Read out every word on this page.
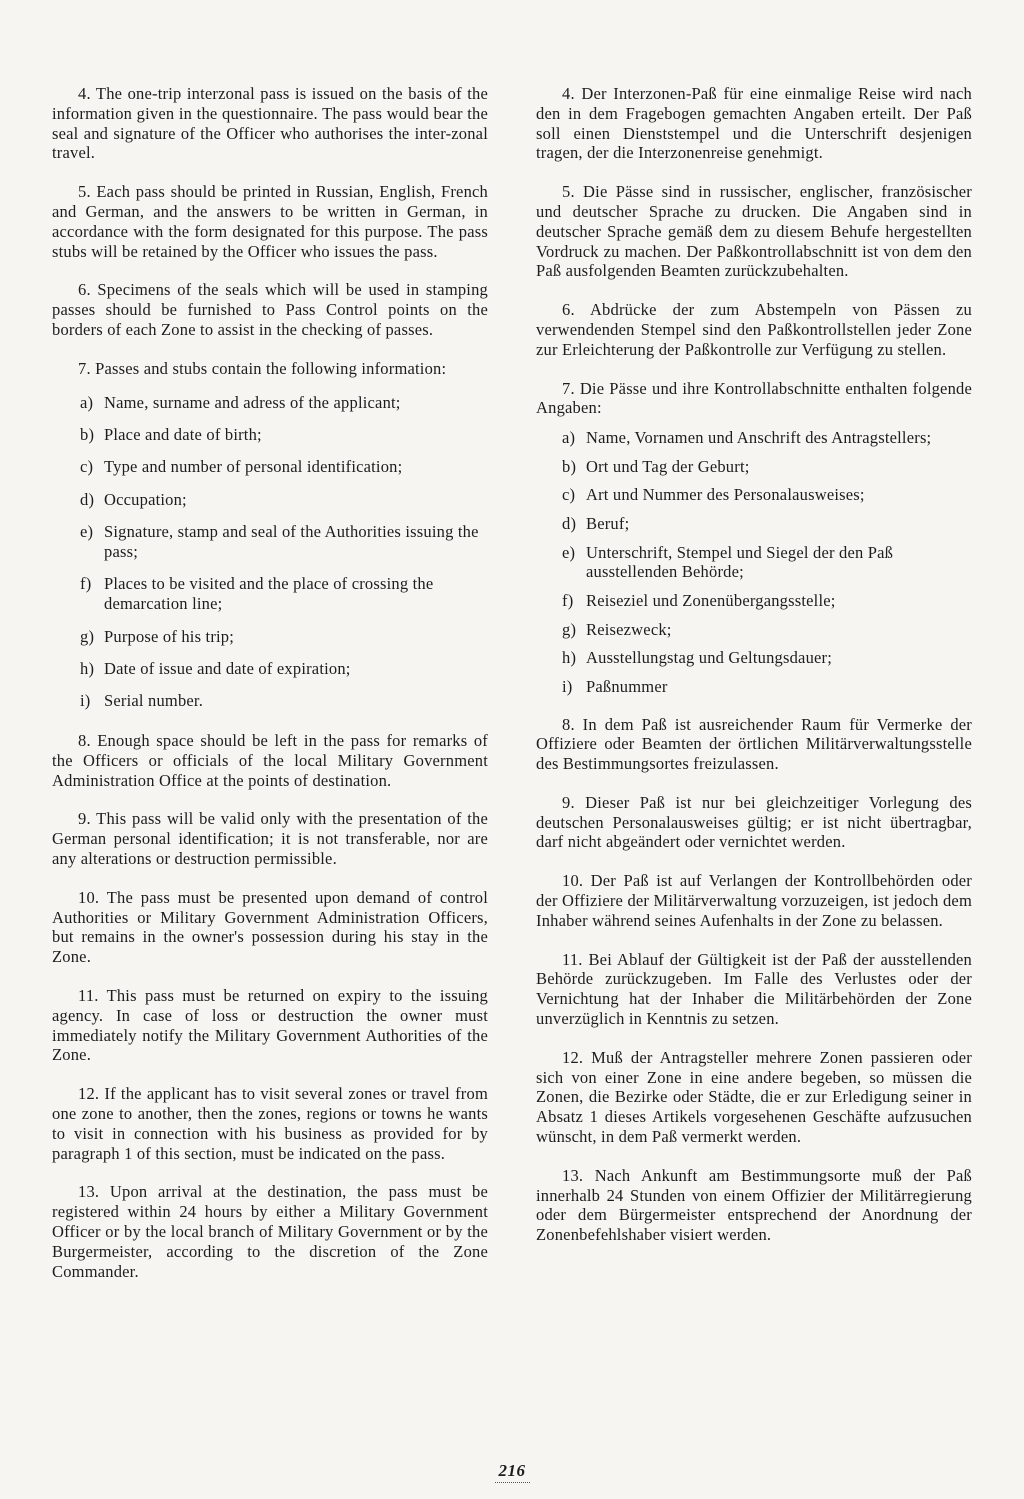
4. The one-trip interzonal pass is issued on the basis of the information given in the questionnaire. The pass would bear the seal and signature of the Officer who authorises the inter-zonal travel.

5. Each pass should be printed in Russian, English, French and German, and the answers to be written in German, in accordance with the form designated for this purpose. The pass stubs will be retained by the Officer who issues the pass.

6. Specimens of the seals which will be used in stamping passes should be furnished to Pass Control points on the borders of each Zone to assist in the checking of passes.

7. Passes and stubs contain the following information:

a) Name, surname and adress of the applicant;
b) Place and date of birth;
c) Type and number of personal identification;
d) Occupation;
e) Signature, stamp and seal of the Authorities issuing the pass;
f) Places to be visited and the place of crossing the demarcation line;
g) Purpose of his trip;
h) Date of issue and date of expiration;
i) Serial number.

8. Enough space should be left in the pass for remarks of the Officers or officials of the local Military Government Administration Office at the points of destination.

9. This pass will be valid only with the presentation of the German personal identification; it is not transferable, nor are any alterations or destruction permissible.

10. The pass must be presented upon demand of control Authorities or Military Government Administration Officers, but remains in the owner's possession during his stay in the Zone.

11. This pass must be returned on expiry to the issuing agency. In case of loss or destruction the owner must immediately notify the Military Government Authorities of the Zone.

12. If the applicant has to visit several zones or travel from one zone to another, then the zones, regions or towns he wants to visit in connection with his business as provided for by paragraph 1 of this section, must be indicated on the pass.

13. Upon arrival at the destination, the pass must be registered within 24 hours by either a Military Government Officer or by the local branch of Military Government or by the Burgermeister, according to the discretion of the Zone Commander.

4. Der Interzonen-Paß für eine einmalige Reise wird nach den in dem Fragebogen gemachten Angaben erteilt. Der Paß soll einen Dienststempel und die Unterschrift desjenigen tragen, der die Interzonenreise genehmigt.

5. Die Pässe sind in russischer, englischer, französischer und deutscher Sprache zu drucken. Die Angaben sind in deutscher Sprache gemäß dem zu diesem Behufe hergestellten Vordruck zu machen. Der Paßkontrollabschnitt ist von dem den Paß ausfolgenden Beamten zurückzubehalten.

6. Abdrücke der zum Abstempeln von Pässen zu verwendenden Stempel sind den Paßkontrollstellen jeder Zone zur Erleichterung der Paßkontrolle zur Verfügung zu stellen.

7. Die Pässe und ihre Kontrollabschnitte enthalten folgende Angaben:

a) Name, Vornamen und Anschrift des Antragstellers;
b) Ort und Tag der Geburt;
c) Art und Nummer des Personalausweises;
d) Beruf;
e) Unterschrift, Stempel und Siegel der den Paß ausstellenden Behörde;
f) Reiseziel und Zonenübergangsstelle;
g) Reisezweck;
h) Ausstellungstag und Geltungsdauer;
i) Paßnummer

8. In dem Paß ist ausreichender Raum für Vermerke der Offiziere oder Beamten der örtlichen Militärverwaltungsstelle des Bestimmungsortes freizulassen.

9. Dieser Paß ist nur bei gleichzeitiger Vorlegung des deutschen Personalausweises gültig; er ist nicht übertragbar, darf nicht abgeändert oder vernichtet werden.

10. Der Paß ist auf Verlangen der Kontrollbehörden oder der Offiziere der Militärverwaltung vorzuzeigen, ist jedoch dem Inhaber während seines Aufenhalts in der Zone zu belassen.

11. Bei Ablauf der Gültigkeit ist der Paß der ausstellenden Behörde zurückzugeben. Im Falle des Verlustes oder der Vernichtung hat der Inhaber die Militärbehörden der Zone unverzüglich in Kenntnis zu setzen.

12. Muß der Antragsteller mehrere Zonen passieren oder sich von einer Zone in eine andere begeben, so müssen die Zonen, die Bezirke oder Städte, die er zur Erledigung seiner in Absatz 1 dieses Artikels vorgesehenen Geschäfte aufzusuchen wünscht, in dem Paß vermerkt werden.

13. Nach Ankunft am Bestimmungsorte muß der Paß innerhalb 24 Stunden von einem Offizier der Militärregierung oder dem Bürgermeister entsprechend der Anordnung der Zonenbefehlshaber visiert werden.

216
